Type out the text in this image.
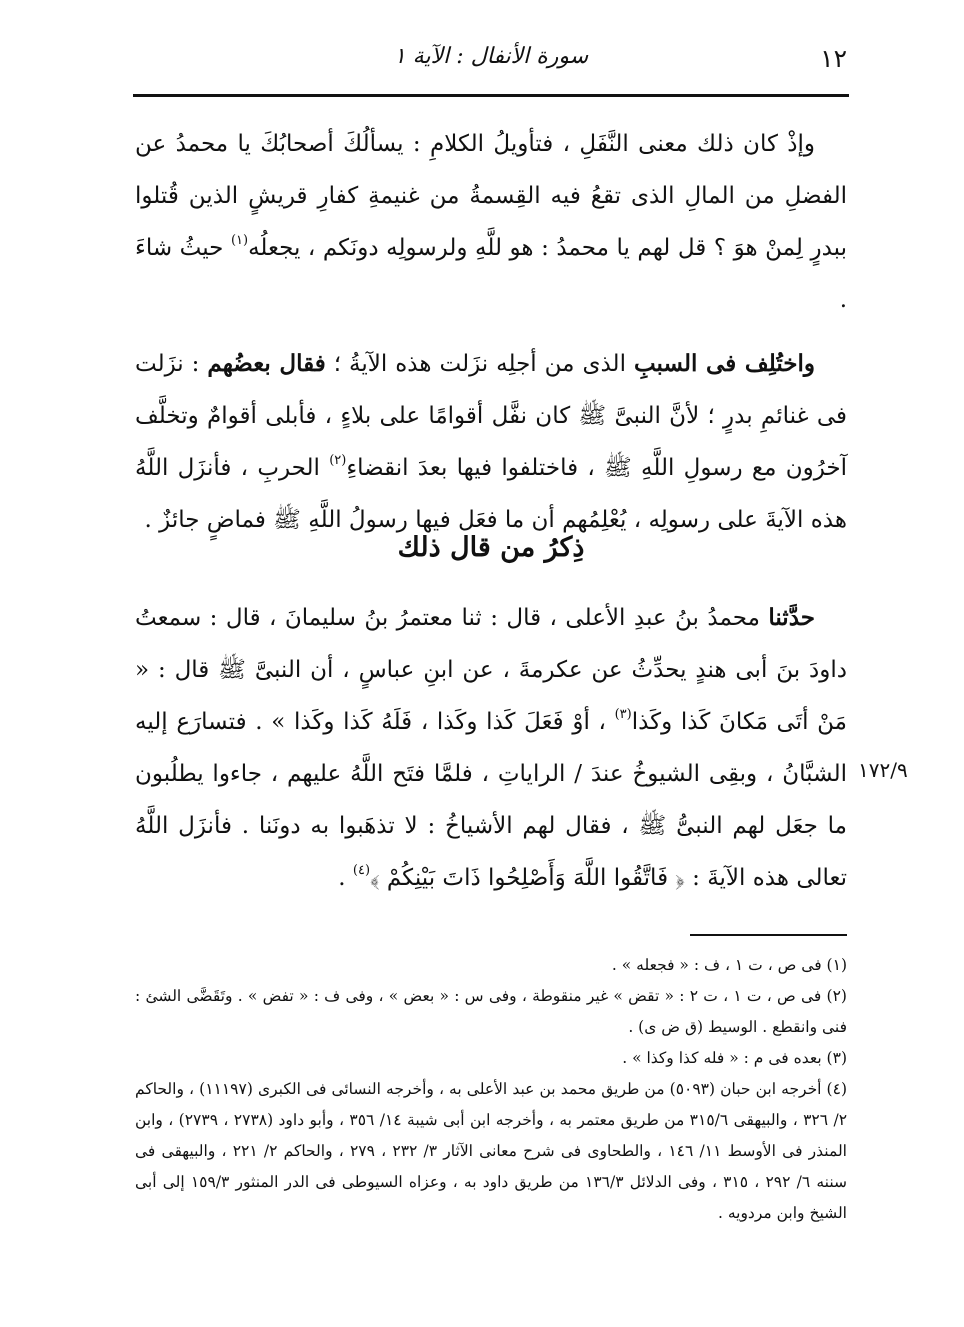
١٢
سورة الأنفال : الآية ١

وإذْ كان ذلك معنى النَّفَلِ ، فتأويلُ الكلامِ : يسألُكَ أصحابُكَ يا محمدُ عن الفضلِ من المالِ الذى تقعُ فيه القِسمةُ من غنيمةِ كفارِ قريشٍ الذين قُتلوا ببدرٍ لِمنْ هوَ ؟ قل لهم يا محمدُ : هو للَّهِ ولرسولِه دونَكم ، يجعلُه$^{(١)}$ حيثُ شاءَ .

واختُلِف فى السببِ الذى من أجلِه نزَلت هذه الآيةُ ؛ فقال بعضُهم : نزَلت فى غنائمِ بدرٍ ؛ لأنَّ النبىَّ ﷺ كان نفَّل أقوامًا على بلاءٍ ، فأبلى أقوامٌ وتخلَّف آخرُون مع رسولِ اللَّهِ ﷺ ، فاختلفوا فيها بعدَ انقضاءِ$^{(٢)}$ الحربِ ، فأنزَل اللَّهُ هذه الآيةَ على رسولِه ، يُعْلِمُهم أن ما فعَل فيها رسولُ اللَّهِ ﷺ فماضٍ جائزٌ .

ذِكرُ من قال ذلك

حدَّثنا محمدُ بنُ عبدِ الأعلى ، قال : ثنا معتمرُ بنُ سليمانَ ، قال : سمعتُ داودَ بنَ أبى هندٍ يحدِّثُ عن عكرمةَ ، عن ابنِ عباسٍ ، أن النبىَّ ﷺ قال : « مَنْ أتَى مَكانَ كَذا وكَذا$^{(٣)}$ ، أوْ فَعَلَ كَذا وكَذا ، فَلَهُ كَذا وكَذا » . فتسارَع إليه الشبَّانُ ، وبقِى الشيوخُ عندَ / الراياتِ ، فلمَّا فتَح اللَّهُ عليهم ، جاءوا يطلُبون ما جعَل لهم النبىُّ ﷺ ، فقال لهم الأشياخُ : لا تذهَبوا به دونَنا . فأنزَل اللَّهُ تعالى هذه الآيةَ : ﴿ فَاتَّقُوا اللَّهَ وَأَصْلِحُوا ذَاتَ بَيْنِكُمْ ﴾$^{(٤)}$ .

١٧٢/٩

(١) فى ص ، ت ١ ، ف : « فجعله » .

(٢) فى ص ، ت ١ ، ت ٢ : « تقض » غير منقوطة ، وفى س : « بعض » ، وفى ف : « تفض » . وتَقَضَّى الشئ : فنى وانقطع . الوسيط (ق ض ى) .

(٣) بعده فى م : « فله كذا وكذا » .

(٤) أخرجه ابن حبان (٥٠٩٣) من طريق محمد بن عبد الأعلى به ، وأخرجه النسائى فى الكبرى (١١١٩٧) ، والحاكم ٢/ ٣٢٦ ، والبيهقى ٣١٥/٦ من طريق معتمر به ، وأخرجه ابن أبى شيبة ١٤/ ٣٥٦ ، وأبو داود (٢٧٣٨ ، ٢٧٣٩) ، وابن المنذر فى الأوسط ١١/ ١٤٦ ، والطحاوى فى شرح معانى الآثار ٣/ ٢٣٢ ، ٢٧٩ ، والحاكم ٢/ ٢٢١ ، والبيهقى فى سننه ٦/ ٢٩٢ ، ٣١٥ ، وفى الدلائل ١٣٦/٣ من طريق داود به ، وعزاه السيوطى فى الدر المنثور ١٥٩/٣ إلى أبى الشيخ وابن مردويه .
